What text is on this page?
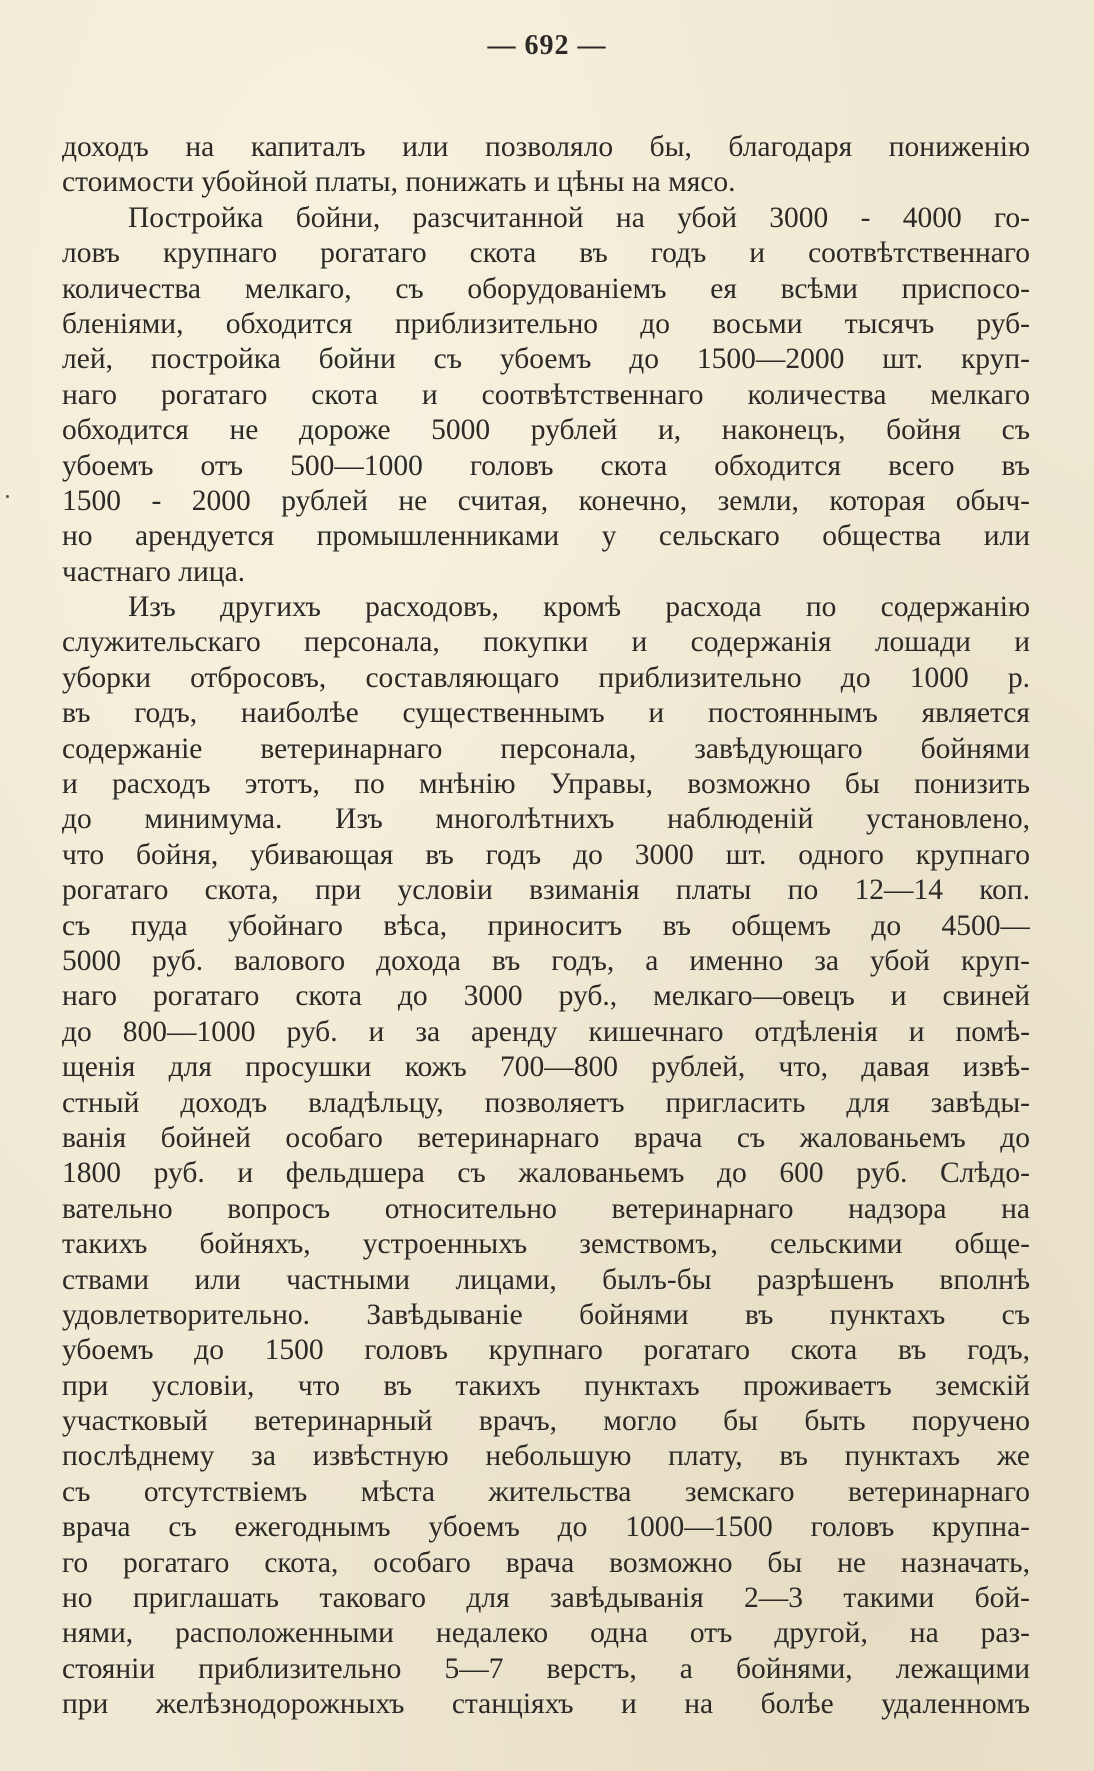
— 692 —
доходъ на капиталъ или позволяло бы, благодаря пониженію
стоимости убойной платы, понижать и цѣны на мясо.
Постройка бойни, разсчитанной на убой 3000 - 4000 го-
ловъ крупнаго рогатаго скота въ годъ и соотвѣтственнаго
количества мелкаго, съ оборудованіемъ ея всѣми приспосо-
бленіями, обходится приблизительно до восьми тысячъ руб-
лей, постройка бойни съ убоемъ до 1500—2000 шт. круп-
наго рогатаго скота и соотвѣтственнаго количества мелкаго
обходится не дороже 5000 рублей и, наконецъ, бойня съ
убоемъ отъ 500—1000 головъ скота обходится всего въ
1500 - 2000 рублей не считая, конечно, земли, которая обыч-
но арендуется промышленниками у сельскаго общества или
частнаго лица.
Изъ другихъ расходовъ, кромѣ расхода по содержанію
служительскаго персонала, покупки и содержанія лошади и
уборки отбросовъ, составляющаго приблизительно до 1000 р.
въ годъ, наиболѣе существеннымъ и постояннымъ является
содержаніе ветеринарнаго персонала, завѣдующаго бойнями
и расходъ этотъ, по мнѣнію Управы, возможно бы понизить
до минимума. Изъ многолѣтнихъ наблюденій установлено,
что бойня, убивающая въ годъ до 3000 шт. одного крупнаго
рогатаго скота, при условіи взиманія платы по 12—14 коп.
съ пуда убойнаго вѣса, приноситъ въ общемъ до 4500—
5000 руб. валового дохода въ годъ, а именно за убой круп-
наго рогатаго скота до 3000 руб., мелкаго—овецъ и свиней
до 800—1000 руб. и за аренду кишечнаго отдѣленія и помѣ-
щенія для просушки кожъ 700—800 рублей, что, давая извѣ-
стный доходъ владѣльцу, позволяетъ пригласить для завѣды-
ванія бойней особаго ветеринарнаго врача съ жалованьемъ до
1800 руб. и фельдшера съ жалованьемъ до 600 руб. Слѣдо-
вательно вопросъ относительно ветеринарнаго надзора на
такихъ бойняхъ, устроенныхъ земствомъ, сельскими обще-
ствами или частными лицами, былъ-бы разрѣшенъ вполнѣ
удовлетворительно. Завѣдываніе бойнями въ пунктахъ съ
убоемъ до 1500 головъ крупнаго рогатаго скота въ годъ,
при условіи, что въ такихъ пунктахъ проживаетъ земскій
участковый ветеринарный врачъ, могло бы быть поручено
послѣднему за извѣстную небольшую плату, въ пунктахъ же
съ отсутствіемъ мѣста жительства земскаго ветеринарнаго
врача съ ежегоднымъ убоемъ до 1000—1500 головъ крупна-
го рогатаго скота, особаго врача возможно бы не назначать,
но приглашать таковаго для завѣдыванія 2—3 такими бой-
нями, расположенными недалеко одна отъ другой, на раз-
стояніи приблизительно 5—7 верстъ, а бойнями, лежащими
при желѣзнодорожныхъ станціяхъ и на болѣе удаленномъ
